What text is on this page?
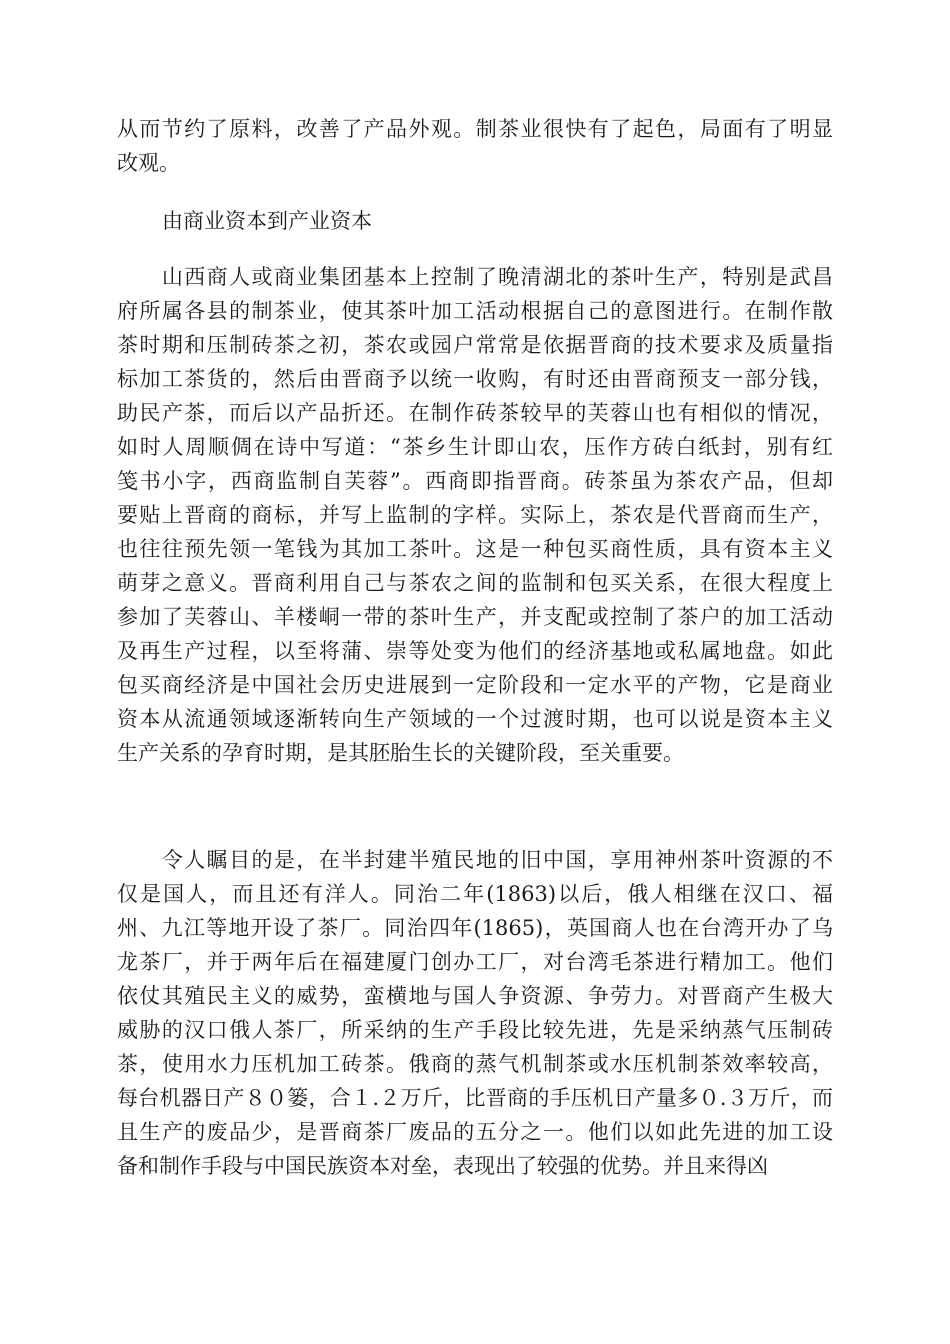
从而节约了原料，改善了产品外观。制茶业很快有了起色，局面有了明显
改观。
由商业资本到产业资本
　　山西商人或商业集团基本上控制了晚清湖北的茶叶生产，特别是武昌
府所属各县的制茶业，使其茶叶加工活动根据自己的意图进行。在制作散
茶时期和压制砖茶之初，茶农或园户常常是依据晋商的技术要求及质量指
标加工茶货的，然后由晋商予以统一收购，有时还由晋商预支一部分钱，
助民产茶，而后以产品折还。在制作砖茶较早的芙蓉山也有相似的情况，
如时人周顺倜在诗中写道：“茶乡生计即山农，压作方砖白纸封，别有红
笺书小字，西商监制自芙蓉”。西商即指晋商。砖茶虽为茶农产品，但却
要贴上晋商的商标，并写上监制的字样。实际上，茶农是代晋商而生产，
也往往预先领一笔钱为其加工茶叶。这是一种包买商性质，具有资本主义
萌芽之意义。晋商利用自己与茶农之间的监制和包买关系，在很大程度上
参加了芙蓉山、羊楼峒一带的茶叶生产，并支配或控制了茶户的加工活动
及再生产过程，以至将蒲、崇等处变为他们的经济基地或私属地盘。如此
包买商经济是中国社会历史进展到一定阶段和一定水平的产物，它是商业
资本从流通领域逐渐转向生产领域的一个过渡时期，也可以说是资本主义
生产关系的孕育时期，是其胚胎生长的关键阶段，至关重要。
　　令人瞩目的是，在半封建半殖民地的旧中国，享用神州茶叶资源的不
仅是国人，而且还有洋人。同治二年(1863)以后，俄人相继在汉口、福
州、九江等地开设了茶厂。同治四年(1865)，英国商人也在台湾开办了乌
龙茶厂，并于两年后在福建厦门创办工厂，对台湾毛茶进行精加工。他们
依仗其殖民主义的威势，蛮横地与国人争资源、争劳力。对晋商产生极大
威胁的汉口俄人茶厂，所采纳的生产手段比较先进，先是采纳蒸气压制砖
茶，使用水力压机加工砖茶。俄商的蒸气机制茶或水压机制茶效率较高，
每台机器日产８０篓，合１.２万斤，比晋商的手压机日产量多０.３万斤，而
且生产的废品少，是晋商茶厂废品的五分之一。他们以如此先进的加工设
备和制作手段与中国民族资本对垒，表现出了较强的优势。并且来得凶
